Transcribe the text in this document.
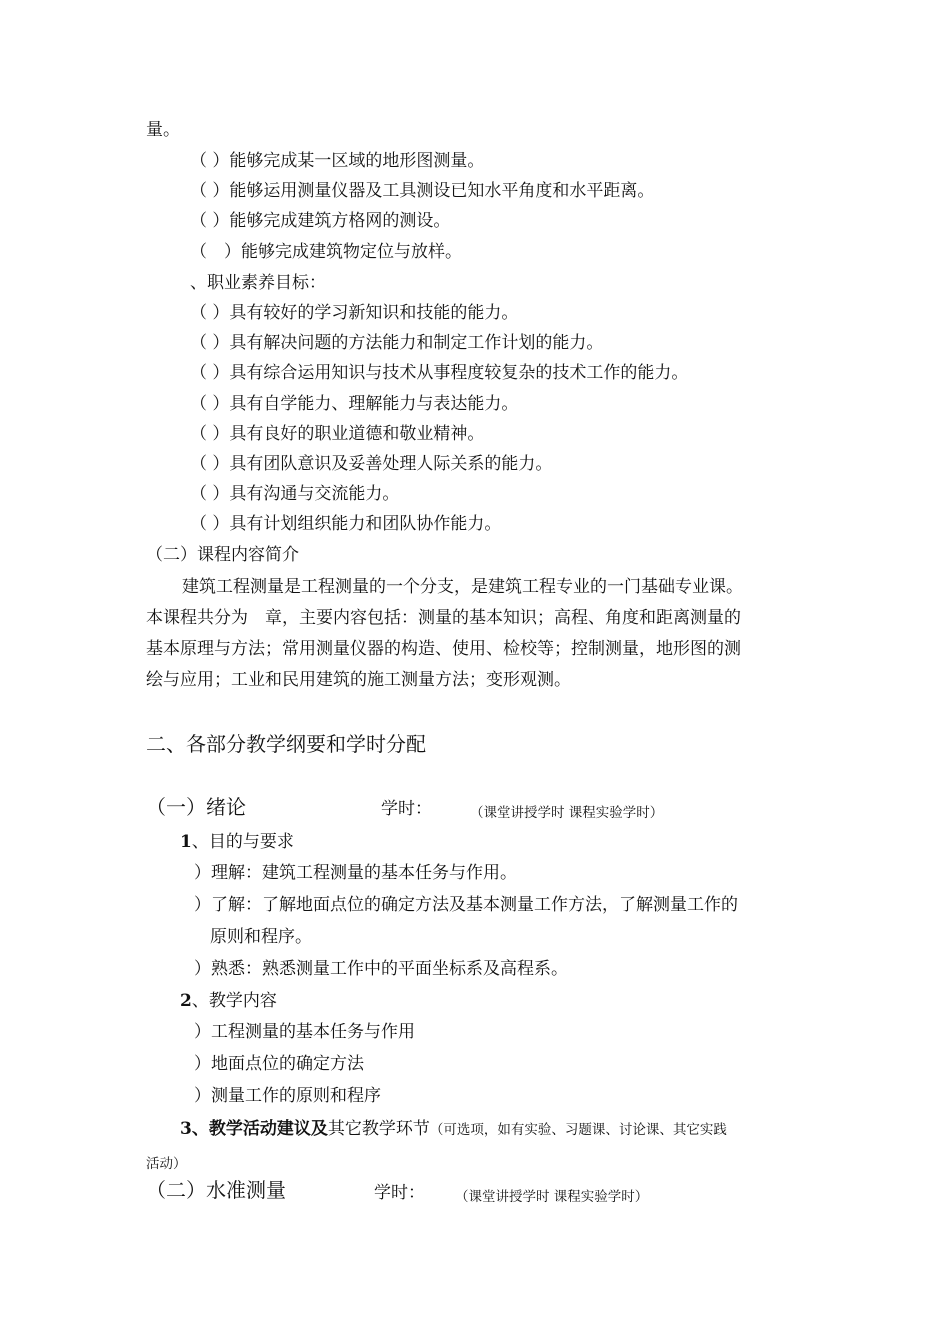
量。
（ ）能够完成某一区域的地形图测量。
（ ）能够运用测量仪器及工具测设已知水平角度和水平距离。
（ ）能够完成建筑方格网的测设。
（　）能够完成建筑物定位与放样。
、职业素养目标：
（ ）具有较好的学习新知识和技能的能力。
（ ）具有解决问题的方法能力和制定工作计划的能力。
（ ）具有综合运用知识与技术从事程度较复杂的技术工作的能力。
（ ）具有自学能力、理解能力与表达能力。
（ ）具有良好的职业道德和敬业精神。
（ ）具有团队意识及妥善处理人际关系的能力。
（ ）具有沟通与交流能力。
（ ）具有计划组织能力和团队协作能力。
（二）课程内容简介
建筑工程测量是工程测量的一个分支，是建筑工程专业的一门基础专业课。
本课程共分为　章，主要内容包括：测量的基本知识；高程、角度和距离测量的
基本原理与方法；常用测量仪器的构造、使用、检校等；控制测量，地形图的测
绘与应用；工业和民用建筑的施工测量方法；变形观测。
二、各部分教学纲要和学时分配
（一）绪论	学时：	（课堂讲授学时 课程实验学时）
1、目的与要求
）理解：建筑工程测量的基本任务与作用。
）了解：了解地面点位的确定方法及基本测量工作方法，了解测量工作的
原则和程序。
）熟悉：熟悉测量工作中的平面坐标系及高程系。
2、教学内容
）工程测量的基本任务与作用
）地面点位的确定方法
）测量工作的原则和程序
3、教学活动建议及其它教学环节（可选项，如有实验、习题课、讨论课、其它实践
活动）
（二）水准测量	学时： （课堂讲授学时 课程实验学时）
